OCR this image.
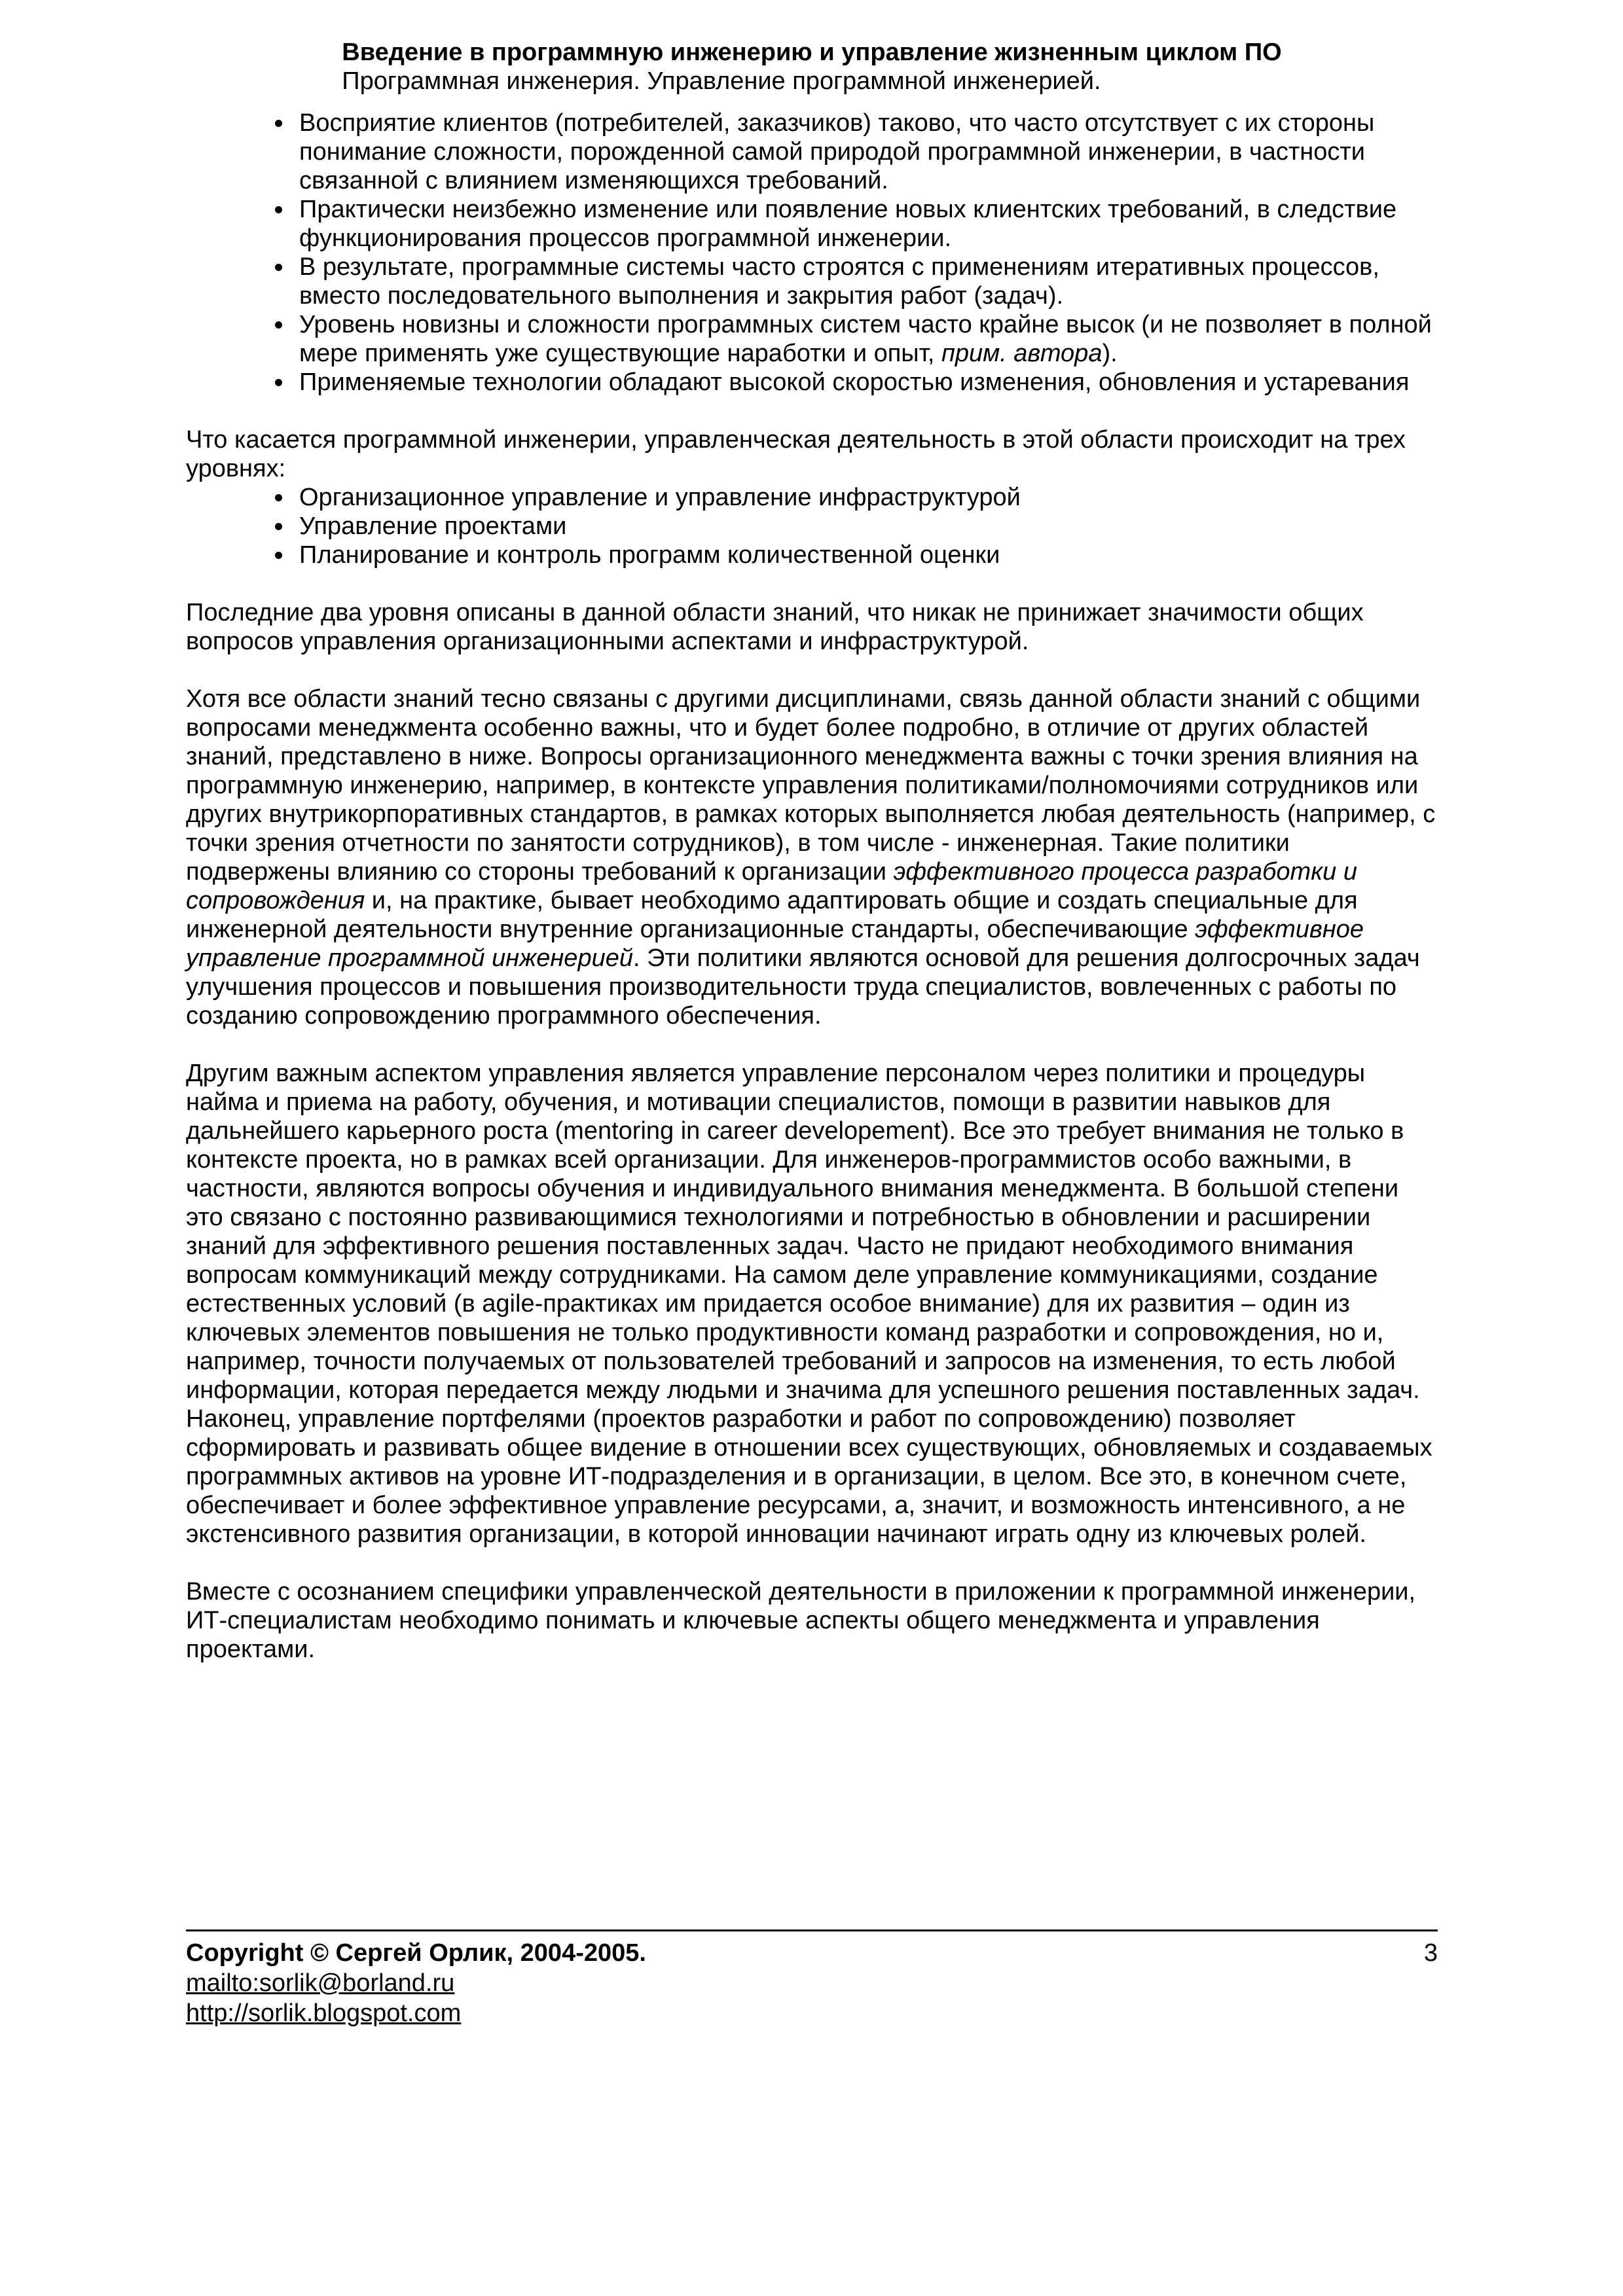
Введение в программную инженерию и управление жизненным циклом ПО
Программная инженерия. Управление программной инженерией.
• Восприятие клиентов (потребителей, заказчиков) таково, что часто отсутствует с их стороны понимание сложности, порожденной самой природой программной инженерии, в частности связанной с влиянием изменяющихся требований.
• Практически неизбежно изменение или появление новых клиентских требований, в следствие функционирования процессов программной инженерии.
• В результате, программные системы часто строятся с применениям итеративных процессов, вместо последовательного выполнения и закрытия работ (задач).
• Уровень новизны и сложности программных систем часто крайне высок (и не позволяет в полной мере применять уже существующие наработки и опыт, прим. автора).
• Применяемые технологии обладают высокой скоростью изменения, обновления и устаревания

Что касается программной инженерии, управленческая деятельность в этой области происходит на трех уровнях:

• Организационное управление и управление инфраструктурой
• Управление проектами
• Планирование и контроль программ количественной оценки

Последние два уровня описаны в данной области знаний, что никак не принижает значимости общих вопросов управления организационными аспектами и инфраструктурой.

Хотя все области знаний тесно связаны с другими дисциплинами, связь данной области знаний с общими вопросами менеджмента особенно важны, что и будет более подробно, в отличие от других областей знаний, представлено в ниже. Вопросы организационного менеджмента важны с точки зрения влияния на программную инженерию, например, в контексте управления политиками/полномочиями сотрудников или других внутрикорпоративных стандартов, в рамках которых выполняется любая деятельность (например, с точки зрения отчетности по занятости сотрудников), в том числе - инженерная. Такие политики подвержены влиянию со стороны требований к организации эффективного процесса разработки и сопровождения и, на практике, бывает необходимо адаптировать общие и создать специальные для инженерной деятельности внутренние организационные стандарты, обеспечивающие эффективное управление программной инженерией. Эти политики являются основой для решения долгосрочных задач улучшения процессов и повышения производительности труда специалистов, вовлеченных с работы по созданию сопровождению программного обеспечения.

Другим важным аспектом управления является управление персоналом через политики и процедуры найма и приема на работу, обучения, и мотивации специалистов, помощи в развитии навыков для дальнейшего карьерного роста (mentoring in career developement). Все это требует внимания не только в контексте проекта, но в рамках всей организации. Для инженеров-программистов особо важными, в частности, являются вопросы обучения и индивидуального внимания менеджмента. В большой степени это связано с постоянно развивающимися технологиями и потребностью в обновлении и расширении знаний для эффективного решения поставленных задач. Часто не придают необходимого внимания вопросам коммуникаций между сотрудниками. На самом деле управление коммуникациями, создание естественных условий (в agile-практиках им придается особое внимание) для их развития – один из ключевых элементов повышения не только продуктивности команд разработки и сопровождения, но и, например, точности получаемых от пользователей требований и запросов на изменения, то есть любой информации, которая передается между людьми и значима для успешного решения поставленных задач. Наконец, управление портфелями (проектов разработки и работ по сопровождению) позволяет сформировать и развивать общее видение в отношении всех существующих, обновляемых и создаваемых программных активов на уровне ИТ-подразделения и в организации, в целом. Все это, в конечном счете, обеспечивает и более эффективное управление ресурсами, а, значит, и возможность интенсивного, а не экстенсивного развития организации, в которой инновации начинают играть одну из ключевых ролей.

Вместе с осознанием специфики управленческой деятельности в приложении к программной инженерии, ИТ-специалистам необходимо понимать и ключевые аспекты общего менеджмента и управления проектами.

Copyright © Сергей Орлик, 2004-2005.
mailto:sorlik@borland.ru
http://sorlik.blogspot.com
3
